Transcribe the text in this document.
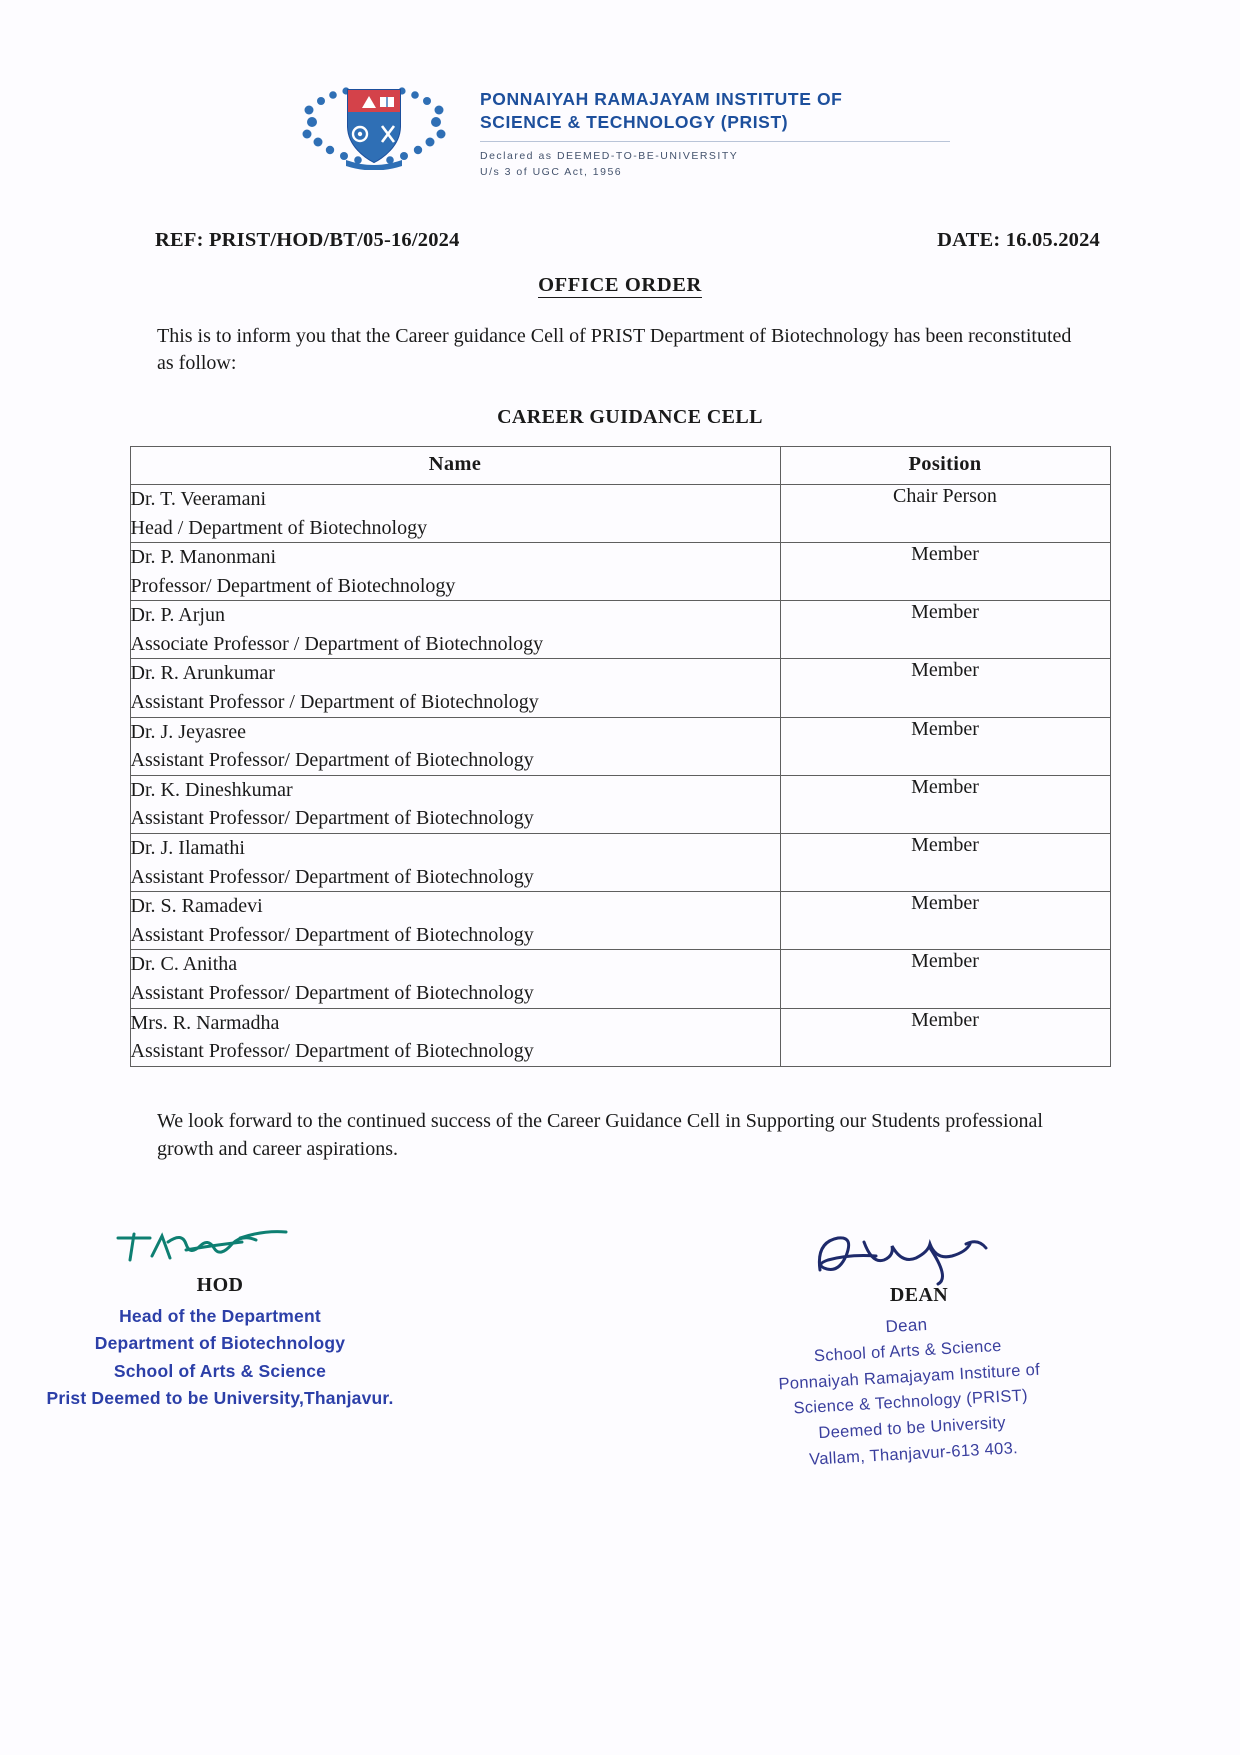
PONNAIYAH RAMAJAYAM INSTITUTE OF
SCIENCE & TECHNOLOGY (PRIST)
Declared as DEEMED-TO-BE-UNIVERSITY
U/s 3 of UGC Act, 1956
REF: PRIST/HOD/BT/05-16/2024	DATE: 16.05.2024
OFFICE ORDER
This is to inform you that the Career guidance Cell of PRIST Department of Biotechnology has been reconstituted as follow:
CAREER GUIDANCE CELL
Name	Position

Dr. T. Veeramani
Head / Department of Biotechnology	Chair Person

Dr. P. Manonmani
Professor/ Department of Biotechnology	Member

Dr. P. Arjun
Associate Professor / Department of Biotechnology	Member

Dr. R. Arunkumar
Assistant Professor / Department of Biotechnology	Member

Dr. J. Jeyasree
Assistant Professor/ Department of Biotechnology	Member

Dr. K. Dineshkumar
Assistant Professor/ Department of Biotechnology	Member

Dr. J. Ilamathi
Assistant Professor/ Department of Biotechnology	Member

Dr. S. Ramadevi
Assistant Professor/ Department of Biotechnology	Member

Dr. C. Anitha
Assistant Professor/ Department of Biotechnology	Member

Mrs. R. Narmadha
Assistant Professor/ Department of Biotechnology	Member
We look forward to the continued success of the Career Guidance Cell in Supporting our Students professional growth and career aspirations.
HOD
Head of the Department
Department of Biotechnology
School of Arts & Science
Prist Deemed to be University,Thanjavur.
DEAN
Dean
School of Arts & Science
Ponnaiyah Ramajayam Institure of
Science & Technology (PRIST)
Deemed to be University
Vallam, Thanjavur-613 403.
